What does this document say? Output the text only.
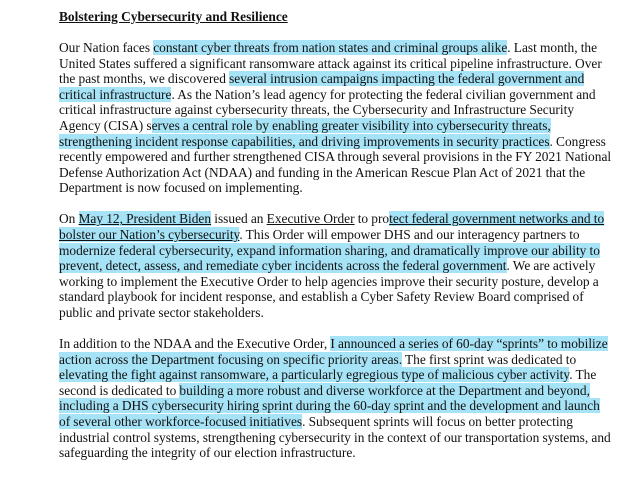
Bolstering Cybersecurity and Resilience

Our Nation faces constant cyber threats from nation states and criminal groups alike. Last month, the United States suffered a significant ransomware attack against its critical pipeline infrastructure. Over the past months, we discovered several intrusion campaigns impacting the federal government and critical infrastructure. As the Nation’s lead agency for protecting the federal civilian government and critical infrastructure against cybersecurity threats, the Cybersecurity and Infrastructure Security Agency (CISA) serves a central role by enabling greater visibility into cybersecurity threats, strengthening incident response capabilities, and driving improvements in security practices. Congress recently empowered and further strengthened CISA through several provisions in the FY 2021 National Defense Authorization Act (NDAA) and funding in the American Rescue Plan Act of 2021 that the Department is now focused on implementing.

On May 12, President Biden issued an Executive Order to protect federal government networks and to bolster our Nation’s cybersecurity. This Order will empower DHS and our interagency partners to modernize federal cybersecurity, expand information sharing, and dramatically improve our ability to prevent, detect, assess, and remediate cyber incidents across the federal government. We are actively working to implement the Executive Order to help agencies improve their security posture, develop a standard playbook for incident response, and establish a Cyber Safety Review Board comprised of public and private sector stakeholders.

In addition to the NDAA and the Executive Order, I announced a series of 60-day “sprints” to mobilize action across the Department focusing on specific priority areas. The first sprint was dedicated to elevating the fight against ransomware, a particularly egregious type of malicious cyber activity. The second is dedicated to building a more robust and diverse workforce at the Department and beyond, including a DHS cybersecurity hiring sprint during the 60-day sprint and the development and launch of several other workforce-focused initiatives. Subsequent sprints will focus on better protecting industrial control systems, strengthening cybersecurity in the context of our transportation systems, and safeguarding the integrity of our election infrastructure.
